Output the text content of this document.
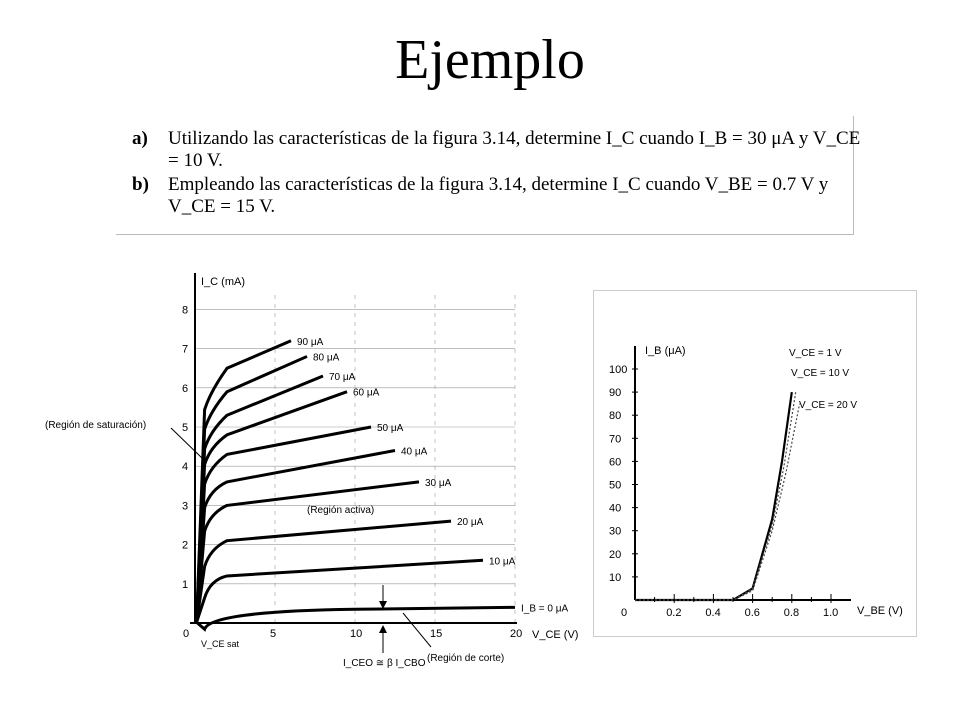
Ejemplo
a) Utilizando las características de la figura 3.14, determine I_C cuando I_B = 30 μA y V_CE
= 10 V.
b) Empleando las características de la figura 3.14, determine I_C cuando V_BE = 0.7 V y
V_CE = 15 V.
1
2
3
4
5
6
7
8
0	5	10	15	20
90 μA
80 μA
70 μA
60 μA
50 μA
40 μA
30 μA
20 μA
10 μA
I_B = 0 μA
I_C (mA)
V_CE (V)
(Región de saturación)
(Región activa)
(Región de corte)
V_CE sat
I_CEO ≅ β I_CBO
10
20
30
40
50
60
70
80
90
100
0	0.2 0.4 0.6 0.8 1.0
I_B (μA)
V_BE (V)
V_CE = 1 V
V_CE = 10 V
V_CE = 20 V
